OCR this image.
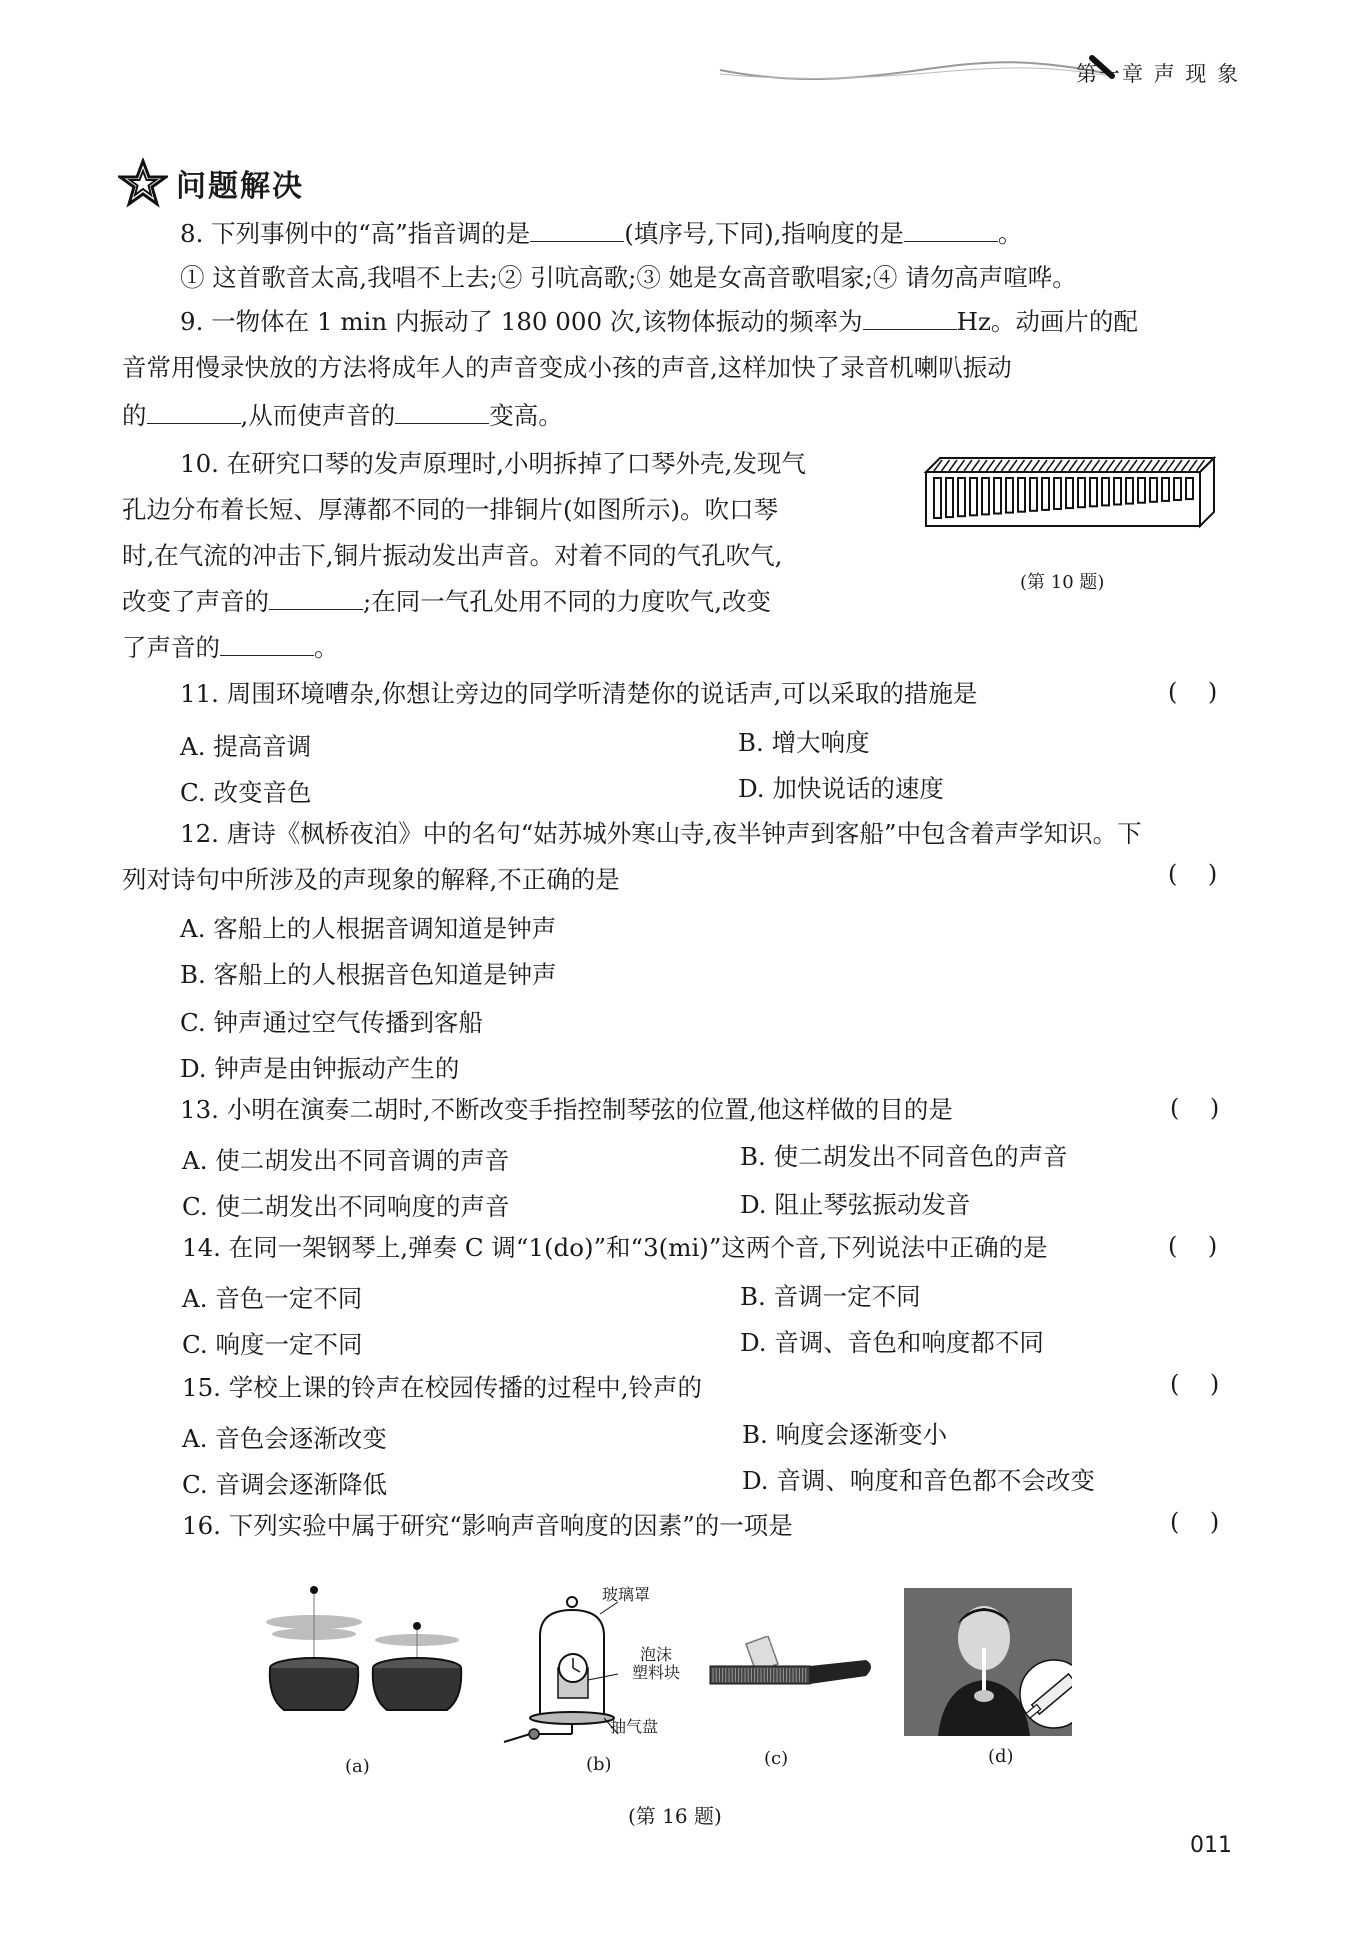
第一章 声 现 象
问题解决
8. 下列事例中的“高”指音调的是	(填序号,下同),指响度的是	。
① 这首歌音太高,我唱不上去;② 引吭高歌;③ 她是女高音歌唱家;④ 请勿高声喧哗。
9. 一物体在 1 min 内振动了 180 000 次,该物体振动的频率为	Hz。动画片的配
音常用慢录快放的方法将成年人的声音变成小孩的声音,这样加快了录音机喇叭振动
的	,从而使声音的	变高。
10. 在研究口琴的发声原理时,小明拆掉了口琴外壳,发现气
孔边分布着长短、厚薄都不同的一排铜片(如图所示)。吹口琴
时,在气流的冲击下,铜片振动发出声音。对着不同的气孔吹气,
改变了声音的	;在同一气孔处用不同的力度吹气,改变
了声音的	。
(第 10 题)
11. 周围环境嘈杂,你想让旁边的同学听清楚你的说话声,可以采取的措施是	(    )
A. 提高音调	B. 增大响度
C. 改变音色	D. 加快说话的速度
12. 唐诗《枫桥夜泊》中的名句“姑苏城外寒山寺,夜半钟声到客船”中包含着声学知识。下
列对诗句中所涉及的声现象的解释,不正确的是	(    )
A. 客船上的人根据音调知道是钟声
B. 客船上的人根据音色知道是钟声
C. 钟声通过空气传播到客船
D. 钟声是由钟振动产生的
13. 小明在演奏二胡时,不断改变手指控制琴弦的位置,他这样做的目的是	(    )
A. 使二胡发出不同音调的声音	B. 使二胡发出不同音色的声音
C. 使二胡发出不同响度的声音	D. 阻止琴弦振动发音
14. 在同一架钢琴上,弹奏 C 调“1(do)”和“3(mi)”这两个音,下列说法中正确的是	(    )
A. 音色一定不同	B. 音调一定不同
C. 响度一定不同	D. 音调、音色和响度都不同
15. 学校上课的铃声在校园传播的过程中,铃声的	(    )
A. 音色会逐渐改变	B. 响度会逐渐变小
C. 音调会逐渐降低	D. 音调、响度和音色都不会改变
16. 下列实验中属于研究“影响声音响度的因素”的一项是	(    )
(a)
玻璃罩
泡沫
塑料块
抽气盘
(b)	(c)	(d)
(第 16 题)
011
